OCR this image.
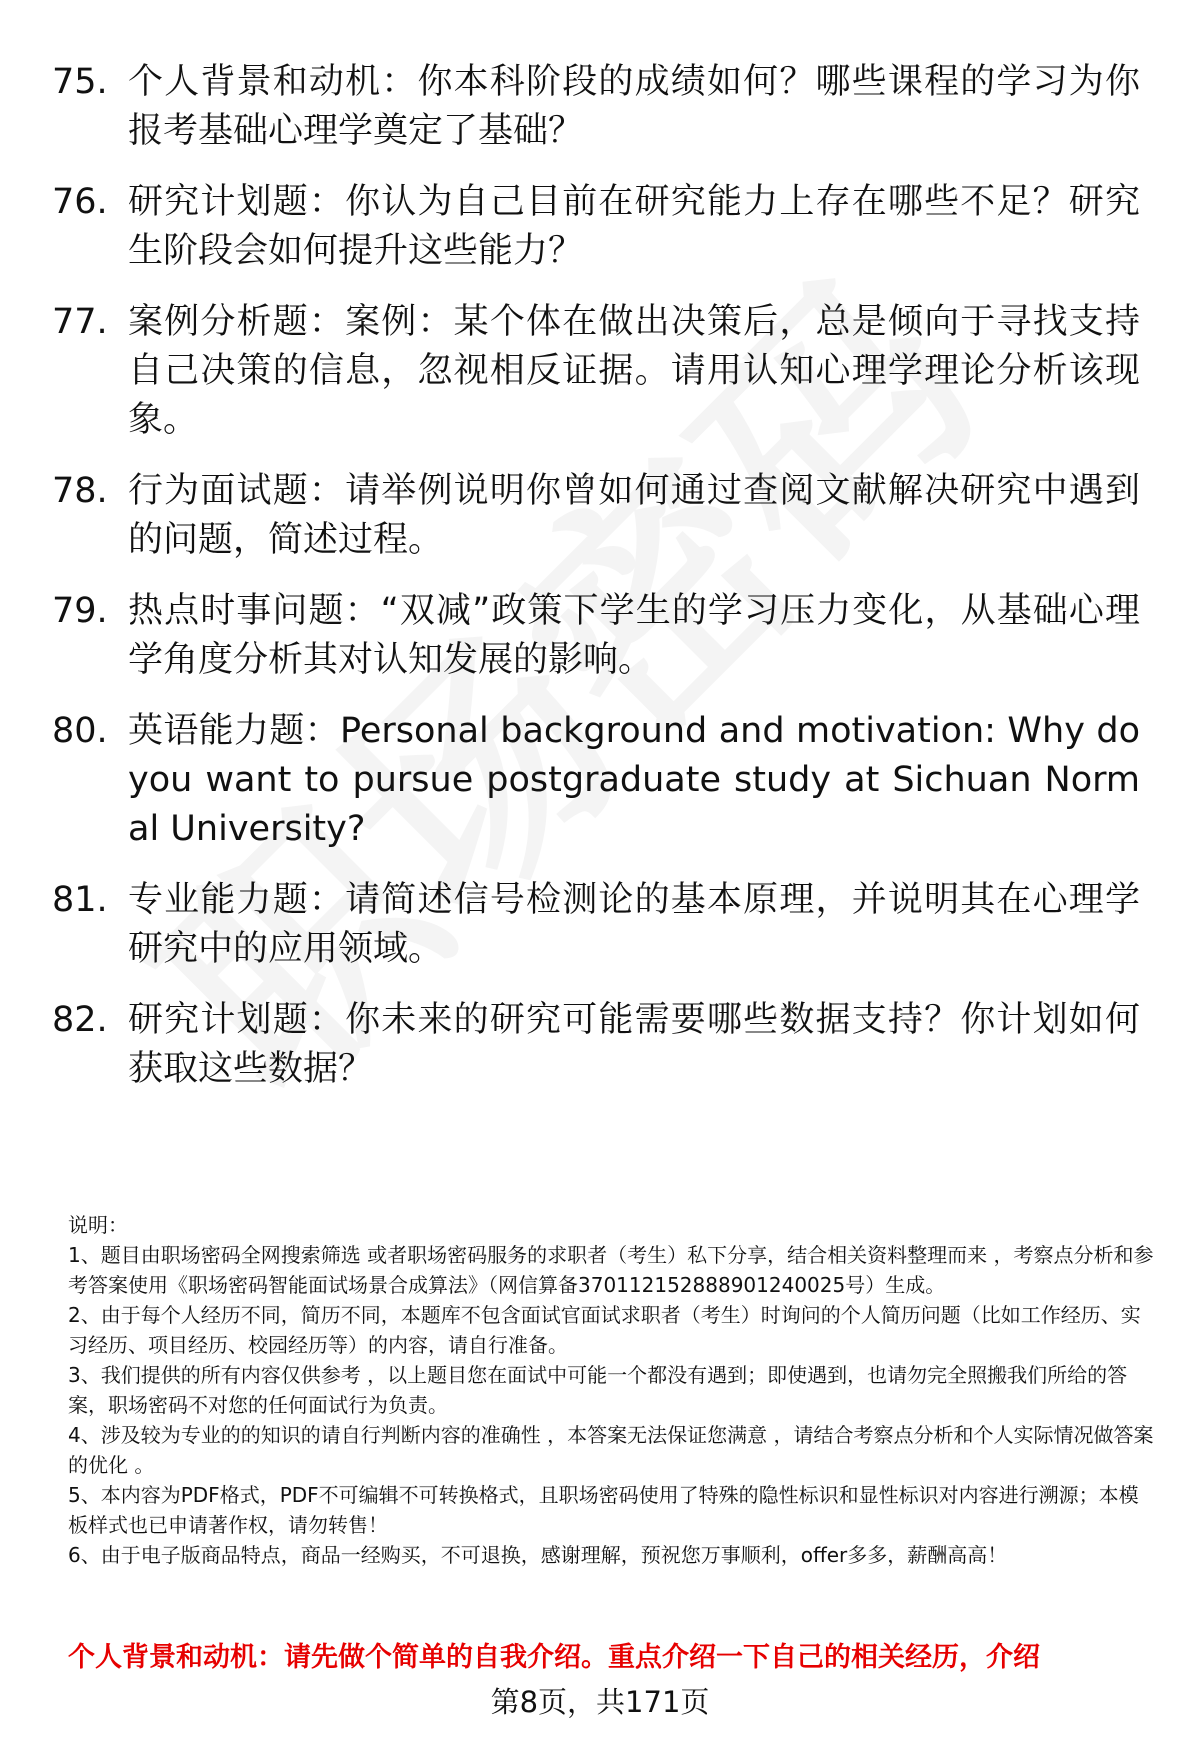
75. 个人背景和动机：你本科阶段的成绩如何？哪些课程的学习为你报考基础心理学奠定了基础？
76. 研究计划题：你认为自己目前在研究能力上存在哪些不足？研究生阶段会如何提升这些能力？
77. 案例分析题：案例：某个体在做出决策后，总是倾向于寻找支持自己决策的信息，忽视相反证据。请用认知心理学理论分析该现象。
78. 行为面试题：请举例说明你曾如何通过查阅文献解决研究中遇到的问题，简述过程。
79. 热点时事问题：“双减”政策下学生的学习压力变化，从基础心理学角度分析其对认知发展的影响。
80. 英语能力题：Personal background and motivation: Why do you want to pursue postgraduate study at Sichuan Normal University?
81. 专业能力题：请简述信号检测论的基本原理，并说明其在心理学研究中的应用领域。
82. 研究计划题：你未来的研究可能需要哪些数据支持？你计划如何获取这些数据？

说明：

1、题目由职场密码全网搜索筛选 或者职场密码服务的求职者（考生）私下分享，结合相关资料整理而来 ，考察点分析和参考答案使用《职场密码智能面试场景合成算法》（网信算备370112152888901240025号）生成。

2、由于每个人经历不同，简历不同，本题库不包含面试官面试求职者（考生）时询问的个人简历问题（比如工作经历、实习经历、项目经历、校园经历等）的内容，请自行准备。

3、我们提供的所有内容仅供参考 ，以上题目您在面试中可能一个都没有遇到；即使遇到，也请勿完全照搬我们所给的答案，职场密码不对您的任何面试行为负责。

4、涉及较为专业的的知识的请自行判断内容的准确性 ，本答案无法保证您满意 ，请结合考察点分析和个人实际情况做答案的优化 。

5、本内容为PDF格式，PDF不可编辑不可转换格式，且职场密码使用了特殊的隐性标识和显性标识对内容进行溯源；本模板样式也已申请著作权，请勿转售！

6、由于电子版商品特点，商品一经购买，不可退换，感谢理解，预祝您万事顺利，offer多多，薪酬高高！

个人背景和动机：请先做个简单的自我介绍。重点介绍一下自己的相关经历，介绍
第8页，共171页
